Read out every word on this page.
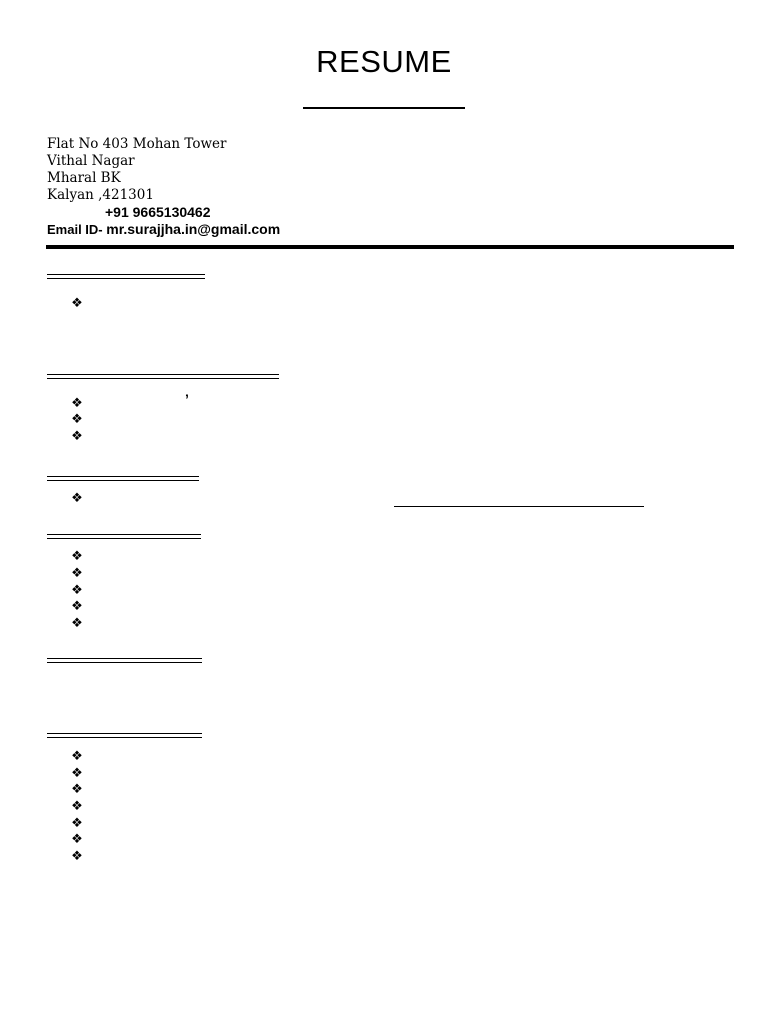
RESUME
Flat No 403 Mohan Tower
Vithal Nagar
Mharal BK
Kalyan ,421301
+91 9665130462
Email ID- mr.surajjha.in@gmail.com
❖
’
❖
❖
❖
❖
❖
❖
❖
❖
❖
❖
❖
❖
❖
❖
❖
❖
